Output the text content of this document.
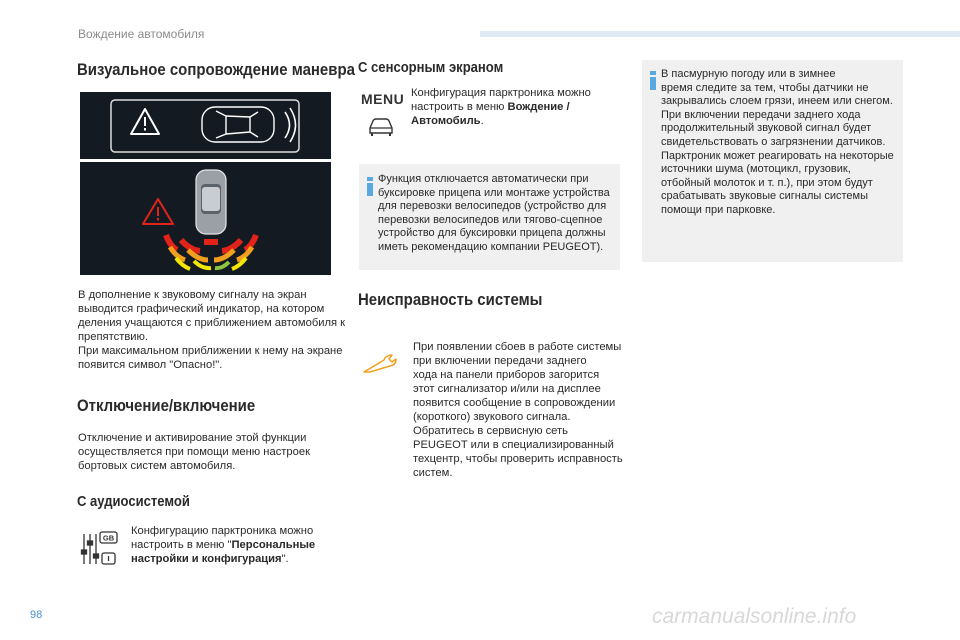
Вождение автомобиля
Визуальное сопровождение маневра
В дополнение к звуковому сигналу на экран
выводится графический индикатор, на котором
деления учащаются с приближением автомобиля к
препятствию.
При максимальном приближении к нему на экране
появится символ "Опасно!".
Отключение/включение
Отключение и активирование этой функции
осуществляется при помощи меню настроек
бортовых систем автомобиля.
С аудиосистемой
GB
Конфигурацию парктроника можно
настроить в меню "Персональные
настройки и конфигурация".
С сенсорным экраном
MENU Конфигурация парктроника можно
настроить в меню Вождение /
Автомобиль.
Функция отключается автоматически при
буксировке прицепа или монтаже устройства
для перевозки велосипедов (устройство для
перевозки велосипедов или тягово-сцепное
устройство для буксировки прицепа должны
иметь рекомендацию компании PEUGEOT).
Неисправность системы
При появлении сбоев в работе системы
при включении передачи заднего
хода на панели приборов загорится
этот сигнализатор и/или на дисплее
появится сообщение в сопровождении
(короткого) звукового сигнала.
Обратитесь в сервисную сеть
PEUGEOT или в специализированный
техцентр, чтобы проверить исправность
систем.
В пасмурную погоду или в зимнее
время следите за тем, чтобы датчики не
закрывались слоем грязи, инеем или снегом.
При включении передачи заднего хода
продолжительный звуковой сигнал будет
свидетельствовать о загрязнении датчиков.
Парктроник может реагировать на некоторые
источники шума (мотоцикл, грузовик,
отбойный молоток и т. п.), при этом будут
срабатывать звуковые сигналы системы
помощи при парковке.
98	carmanualsonline.info
